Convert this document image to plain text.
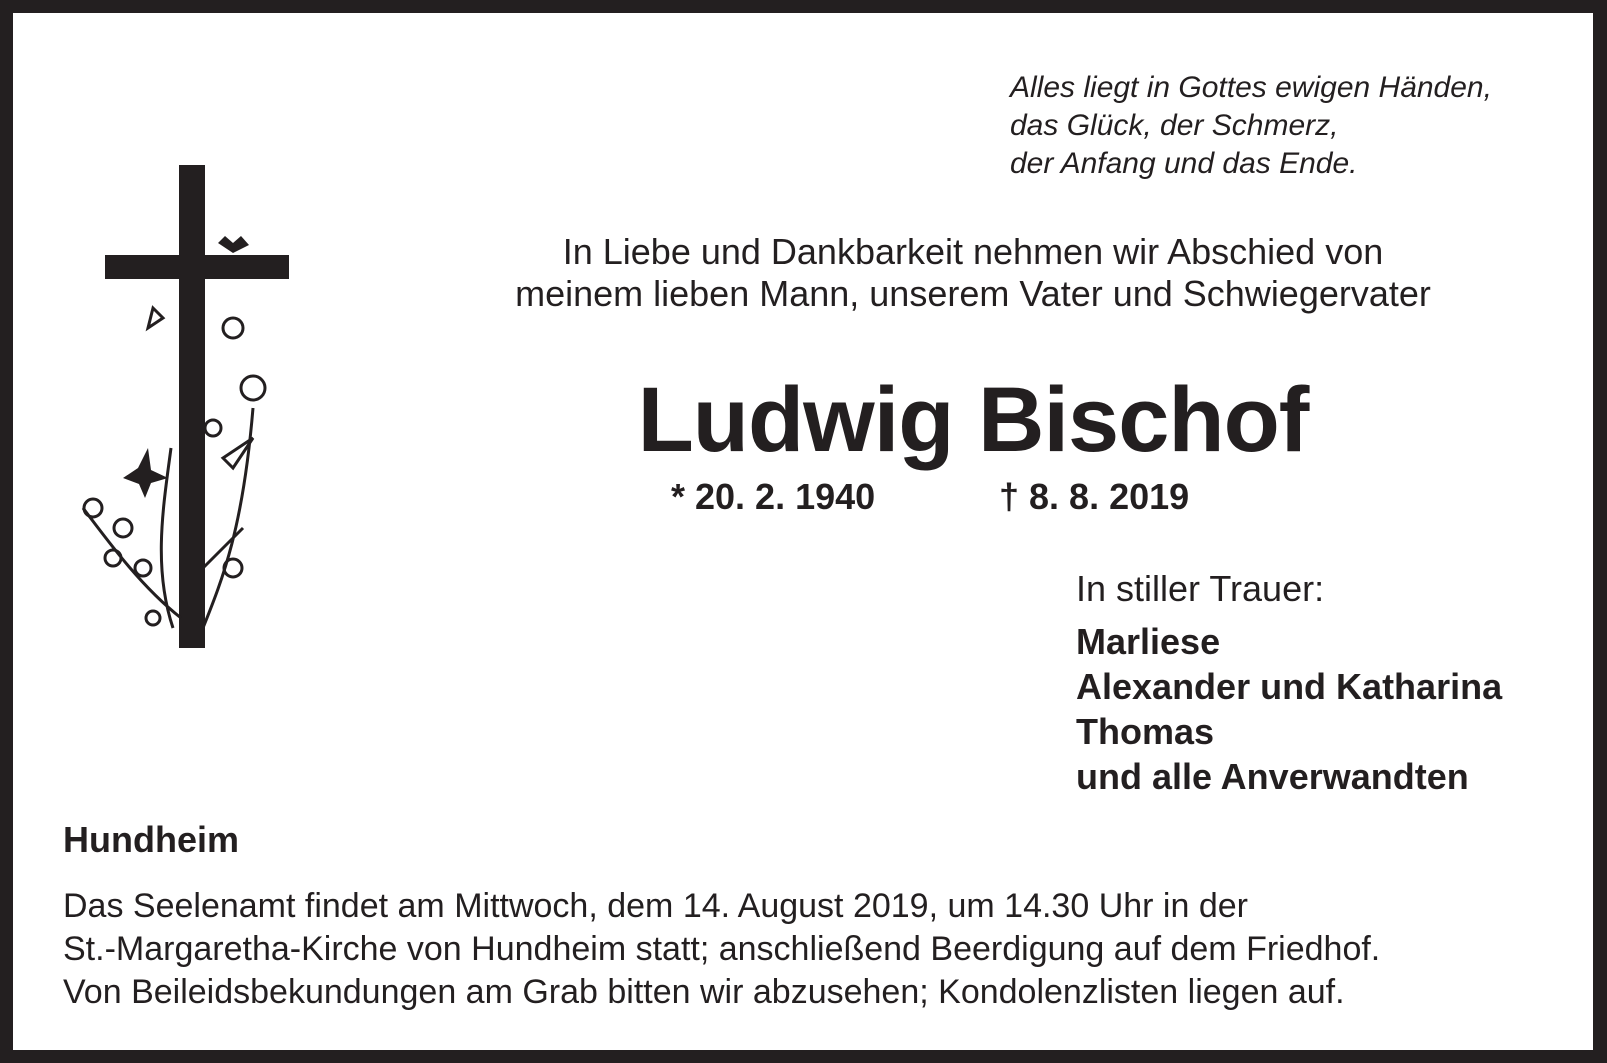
Alles liegt in Gottes ewigen Händen,
das Glück, der Schmerz,
der Anfang und das Ende.
In Liebe und Dankbarkeit nehmen wir Abschied von
meinem lieben Mann, unserem Vater und Schwiegervater
Ludwig Bischof
* 20. 2. 1940	† 8. 8. 2019
In stiller Trauer:
Marliese
Alexander und Katharina
Thomas
und alle Anverwandten
Hundheim
Das Seelenamt findet am Mittwoch, dem 14. August 2019, um 14.30 Uhr in der
St.-Margaretha-Kirche von Hundheim statt; anschließend Beerdigung auf dem Friedhof.
Von Beileidsbekundungen am Grab bitten wir abzusehen; Kondolenzlisten liegen auf.
